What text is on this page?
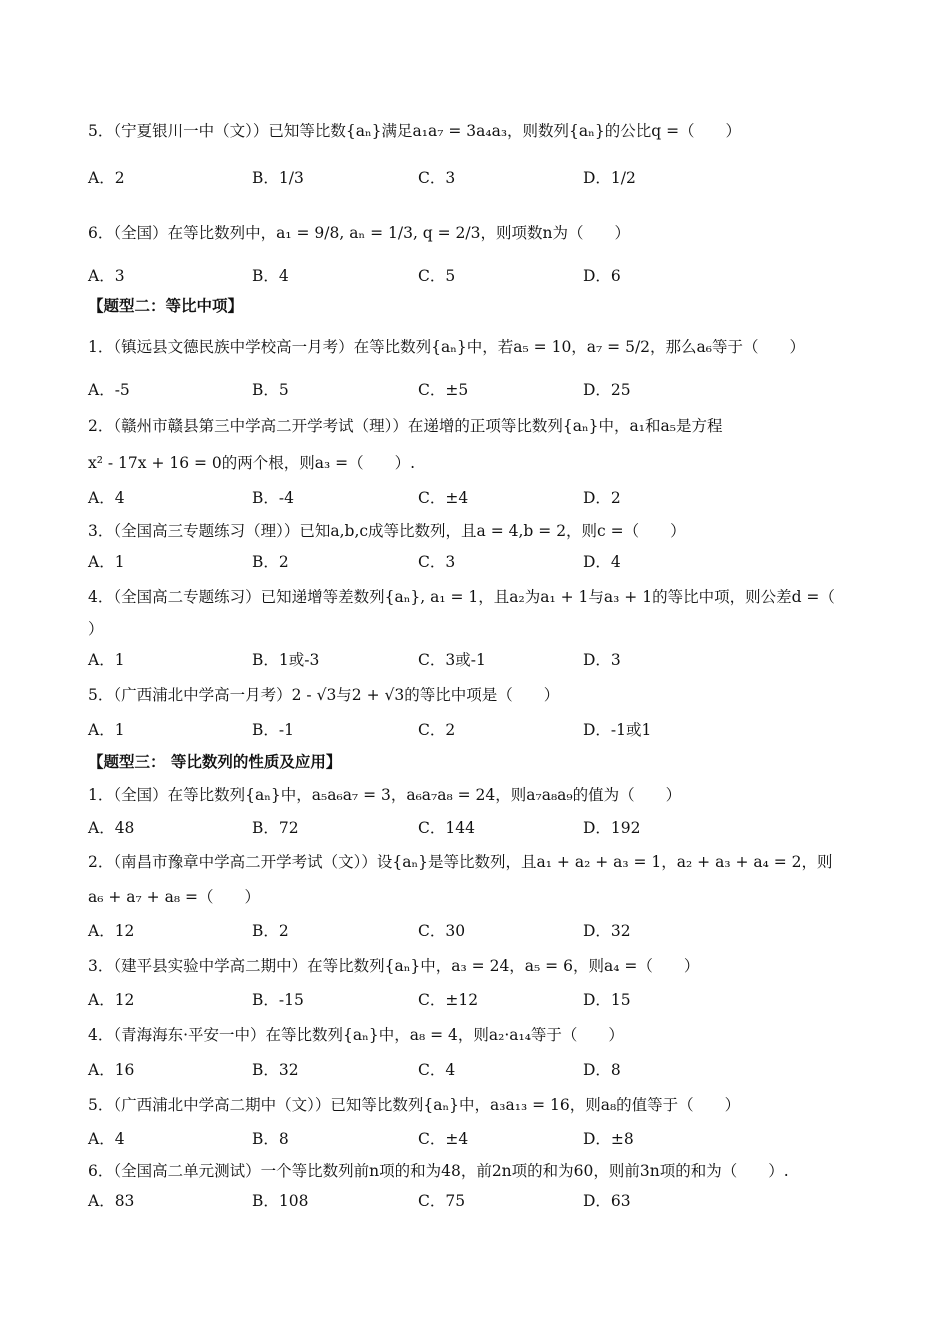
5．（宁夏银川一中（文））已知等比数{aₙ}满足a₁a₇ = 3a₄a₃，则数列{aₙ}的公比q =（　　）
A．2	B．1/3	C．3	D．1/2
6．（全国）在等比数列中，a₁ = 9/8, aₙ = 1/3, q = 2/3，则项数n为（　　）
A．3	B．4	C．5	D．6
【题型二：等比中项】
1．（镇远县文德民族中学校高一月考）在等比数列{aₙ}中，若a₅ = 10，a₇ = 5/2，那么a₆等于（　　）
A．-5	B．5	C．±5	D．25
2．（赣州市赣县第三中学高二开学考试（理））在递增的正项等比数列{aₙ}中，a₁和a₅是方程
x² - 17x + 16 = 0的两个根，则a₃ =（　　）.
A．4	B．-4	C．±4	D．2
3．（全国高三专题练习（理））已知a,b,c成等比数列，且a = 4,b = 2，则c =（　　）
A．1	B．2	C．3	D．4
4．（全国高二专题练习）已知递增等差数列{aₙ}, a₁ = 1，且a₂为a₁ + 1与a₃ + 1的等比中项，则公差d =（
）
A．1	B．1或-3	C．3或-1	D．3
5．（广西浦北中学高一月考）2 - √3与2 + √3的等比中项是（　　）
A．1	B．-1	C．2	D．-1或1
【题型三： 等比数列的性质及应用】
1．（全国）在等比数列{aₙ}中，a₅a₆a₇ = 3，a₆a₇a₈ = 24，则a₇a₈a₉的值为（　　）
A．48	B．72	C．144	D．192
2．（南昌市豫章中学高二开学考试（文））设{aₙ}是等比数列，且a₁ + a₂ + a₃ = 1，a₂ + a₃ + a₄ = 2，则
a₆ + a₇ + a₈ =（　　）
A．12	B．2	C．30	D．32
3．（建平县实验中学高二期中）在等比数列{aₙ}中，a₃ = 24，a₅ = 6，则a₄ =（　　）
A．12	B．-15	C．±12	D．15
4．（青海海东·平安一中）在等比数列{aₙ}中，a₈ = 4，则a₂·a₁₄等于（　　）
A．16	B．32	C．4	D．8
5．（广西浦北中学高二期中（文））已知等比数列{aₙ}中，a₃a₁₃ = 16，则a₈的值等于（　　）
A．4	B．8	C．±4	D．±8
6．（全国高二单元测试）一个等比数列前n项的和为48，前2n项的和为60，则前3n项的和为（　　）.
A．83	B．108	C．75	D．63
